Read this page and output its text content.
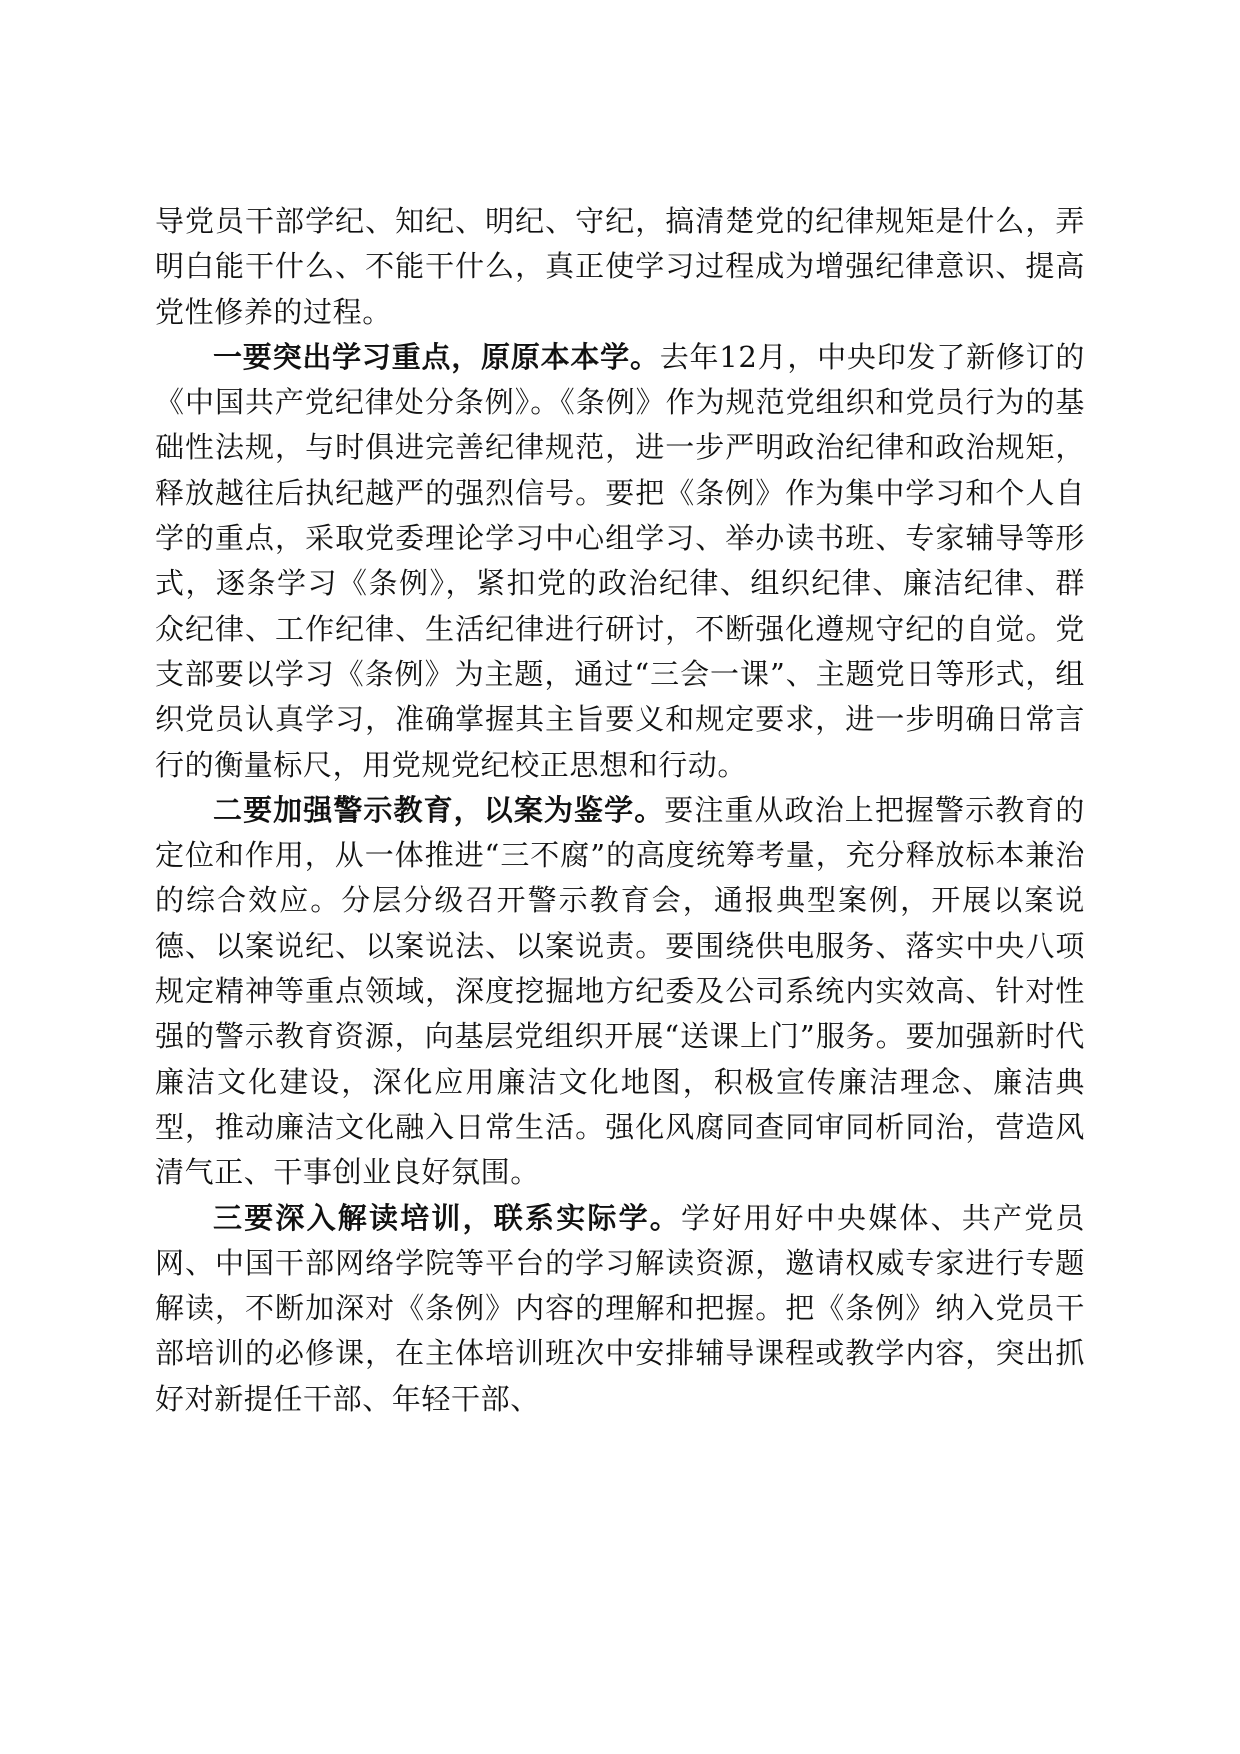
导党员干部学纪、知纪、明纪、守纪，搞清楚党的纪律规矩是什么，弄明白能干什么、不能干什么，真正使学习过程成为增强纪律意识、提高党性修养的过程。

一要突出学习重点，原原本本学。去年12月，中央印发了新修订的《中国共产党纪律处分条例》。《条例》作为规范党组织和党员行为的基础性法规，与时俱进完善纪律规范，进一步严明政治纪律和政治规矩，释放越往后执纪越严的强烈信号。要把《条例》作为集中学习和个人自学的重点，采取党委理论学习中心组学习、举办读书班、专家辅导等形式，逐条学习《条例》，紧扣党的政治纪律、组织纪律、廉洁纪律、群众纪律、工作纪律、生活纪律进行研讨，不断强化遵规守纪的自觉。党支部要以学习《条例》为主题，通过“三会一课”、主题党日等形式，组织党员认真学习，准确掌握其主旨要义和规定要求，进一步明确日常言行的衡量标尺，用党规党纪校正思想和行动。

二要加强警示教育，以案为鉴学。要注重从政治上把握警示教育的定位和作用，从一体推进“三不腐”的高度统筹考量，充分释放标本兼治的综合效应。分层分级召开警示教育会，通报典型案例，开展以案说德、以案说纪、以案说法、以案说责。要围绕供电服务、落实中央八项规定精神等重点领域，深度挖掘地方纪委及公司系统内实效高、针对性强的警示教育资源，向基层党组织开展“送课上门”服务。要加强新时代廉洁文化建设，深化应用廉洁文化地图，积极宣传廉洁理念、廉洁典型，推动廉洁文化融入日常生活。强化风腐同查同审同析同治，营造风清气正、干事创业良好氛围。

三要深入解读培训，联系实际学。学好用好中央媒体、共产党员网、中国干部网络学院等平台的学习解读资源，邀请权威专家进行专题解读，不断加深对《条例》内容的理解和把握。把《条例》纳入党员干部培训的必修课，在主体培训班次中安排辅导课程或教学内容，突出抓好对新提任干部、年轻干部、
